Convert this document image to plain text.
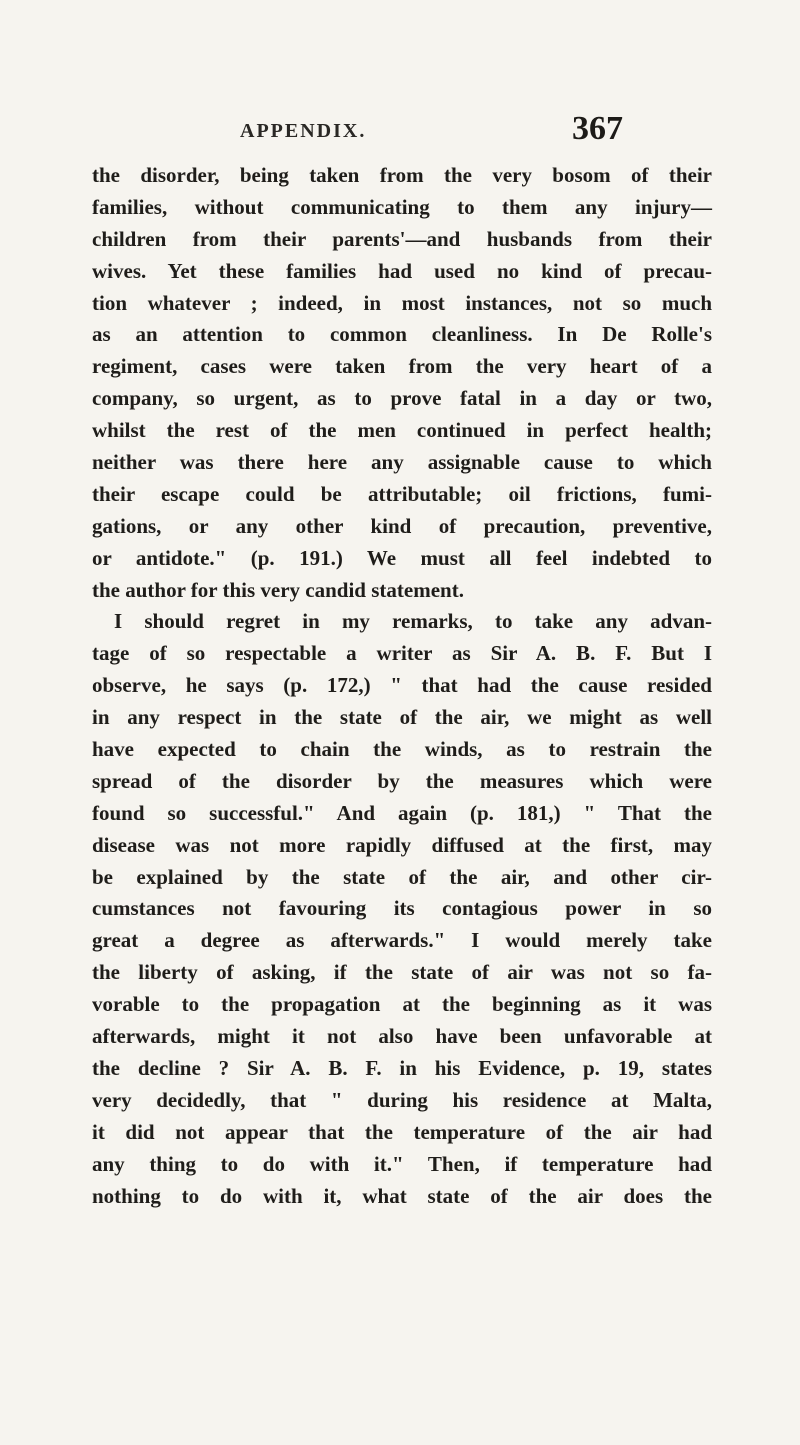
APPENDIX.	367
the disorder, being taken from the very bosom of their
families, without communicating to them any injury—
children from their parents'—and husbands from their
wives. Yet these families had used no kind of precau-
tion whatever ; indeed, in most instances, not so much
as an attention to common cleanliness. In De Rolle's
regiment, cases were taken from the very heart of a
company, so urgent, as to prove fatal in a day or two,
whilst the rest of the men continued in perfect health;
neither was there here any assignable cause to which
their escape could be attributable; oil frictions, fumi-
gations, or any other kind of precaution, preventive,
or antidote." (p. 191.) We must all feel indebted to
the author for this very candid statement.
I should regret in my remarks, to take any advan-
tage of so respectable a writer as Sir A. B. F. But I
observe, he says (p. 172,) " that had the cause resided
in any respect in the state of the air, we might as well
have expected to chain the winds, as to restrain the
spread of the disorder by the measures which were
found so successful." And again (p. 181,) " That the
disease was not more rapidly diffused at the first, may
be explained by the state of the air, and other cir-
cumstances not favouring its contagious power in so
great a degree as afterwards." I would merely take
the liberty of asking, if the state of air was not so fa-
vorable to the propagation at the beginning as it was
afterwards, might it not also have been unfavorable at
the decline ? Sir A. B. F. in his Evidence, p. 19, states
very decidedly, that " during his residence at Malta,
it did not appear that the temperature of the air had
any thing to do with it." Then, if temperature had
nothing to do with it, what state of the air does the
